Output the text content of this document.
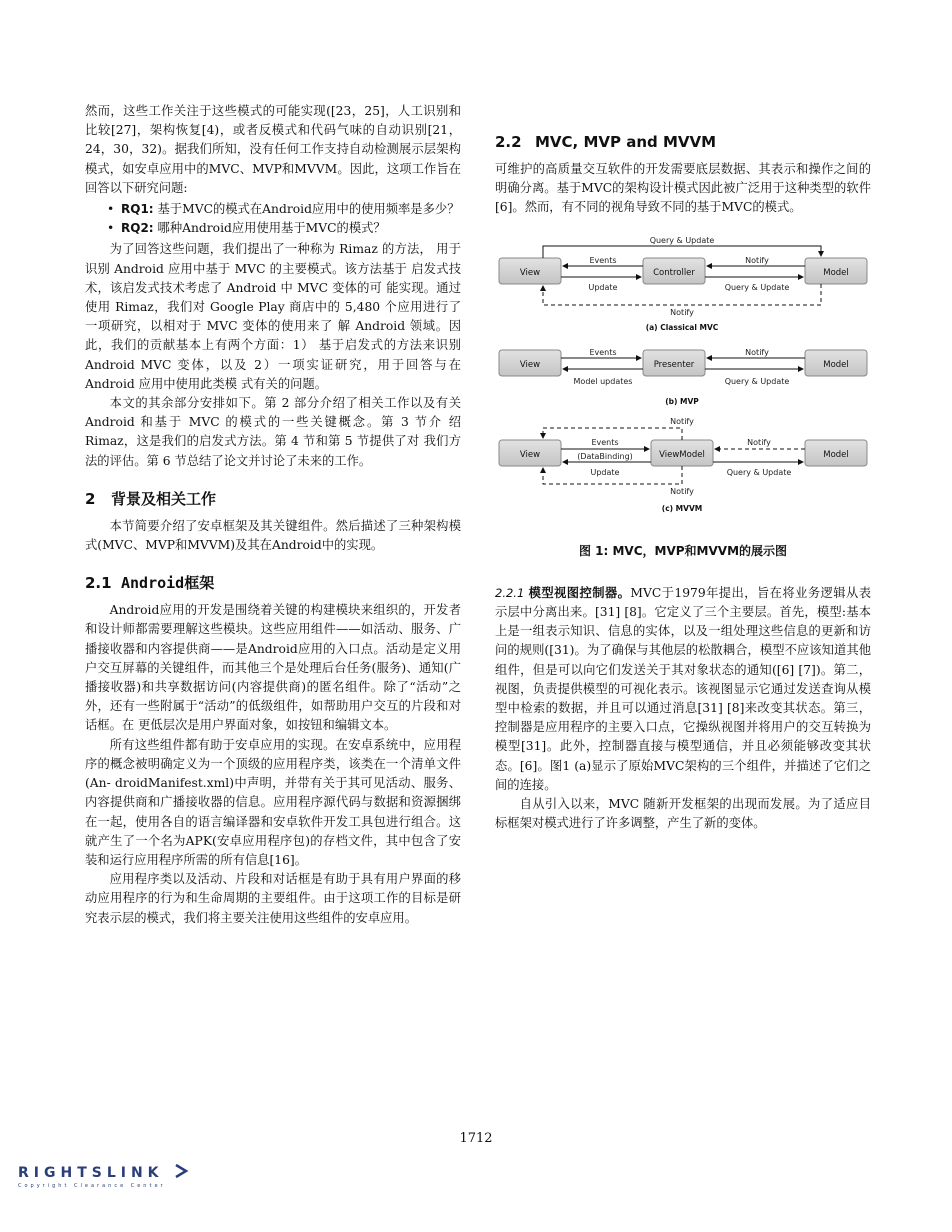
然而，这些工作关注于这些模式的可能实现([23，25]，人工识别和比较[27]，架构恢复[4)，或者反模式和代码气味的自动识别[21，24，30，32)。据我们所知，没有任何工作支持自动检测展示层架构模式，如安卓应用中的MVC、MVP和MVVM。因此，这项工作旨在回答以下研究问题:

• RQ1: 基于MVC的模式在Android应用中的使用频率是多少？
• RQ2: 哪种Android应用使用基于MVC的模式？

为了回答这些问题，我们提出了一种称为 Rimaz 的方法， 用于识别 Android 应用中基于 MVC 的主要模式。该方法基于 启发式技术，该启发式技术考虑了 Android 中 MVC 变体的可 能实现。通过使用 Rimaz，我们对 Google Play 商店中的 5,480 个应用进行了一项研究，以相对于 MVC 变体的使用来了 解 Android 领域。因此，我们的贡献基本上有两个方面：1） 基于启发式的方法来识别 Android MVC 变体，以及 2）一项实证研究，用于回答与在 Android 应用中使用此类模 式有关的问题。

本文的其余部分安排如下。第 2 部分介绍了相关工作以及有关 Android 和基于 MVC 的模式的一些关键概念。第 3 节介 绍 Rimaz，这是我们的启发式方法。第 4 节和第 5 节提供了对 我们方法的评估。第 6 节总结了论文并讨论了未来的工作。

2 背景及相关工作

本节简要介绍了安卓框架及其关键组件。然后描述了三种架构模式(MVC、MVP和MVVM)及其在Android中的实现。

2.1 Android框架

Android应用的开发是围绕着关键的构建模块来组织的，开发者和设计师都需要理解这些模块。这些应用组件——如活动、服务、广播接收器和内容提供商——是Android应用的入口点。活动是定义用户交互屏幕的关键组件，而其他三个是处理后台任务(服务)、通知(广播接收器)和共享数据访问(内容提供商)的匿名组件。除了“活动”之外，还有一些附属于“活动”的低级组件，如帮助用户交互的片段和对话框。在 更低层次是用户界面对象，如按钮和编辑文本。

所有这些组件都有助于安卓应用的实现。在安卓系统中，应用程序的概念被明确定义为一个顶级的应用程序类，该类在一个清单文件(An- droidManifest.xml)中声明，并带有关于其可见活动、服务、内容提供商和广播接收器的信息。应用程序源代码与数据和资源捆绑在一起，使用各自的语言编译器和安卓软件开发工具包进行组合。这就产生了一个名为APK(安卓应用程序包)的存档文件，其中包含了安装和运行应用程序所需的所有信息[16]。

应用程序类以及活动、片段和对话框是有助于具有用户界面的移动应用程序的行为和生命周期的主要组件。由于这项工作的目标是研究表示层的模式，我们将主要关注使用这些组件的安卓应用。

2.2 MVC, MVP and MVVM

可维护的高质量交互软件的开发需要底层数据、其表示和操作之间的明确分离。基于MVC的架构设计模式因此被广泛用于这种类型的软件[6]。然而，有不同的视角导致不同的基于MVC的模式。

View	Controller	Model
Query & Update
Events	Notify
Update	Query & Update
Notify
(a) Classical MVC
View	Presenter	Model
Events	Notify
Model updates	Query & Update
(b) MVP
View	ViewModel	Model
Notify
Events
(DataBinding)
Update
Notify
Query & Update
Notify
(c) MVVM
图 1: MVC，MVP和MVVM的展示图

2.2.1 模型视图控制器。MVC于1979年提出，旨在将业务逻辑从表示层中分离出来。[31] [8]。它定义了三个主要层。首先，模型:基本上是一组表示知识、信息的实体，以及一组处理这些信息的更新和访问的规则([31)。为了确保与其他层的松散耦合，模型不应该知道其他组件，但是可以向它们发送关于其对象状态的通知([6] [7])。第二，视图，负责提供模型的可视化表示。该视图显示它通过发送查询从模型中检索的数据，并且可以通过消息[31] [8]来改变其状态。第三，控制器是应用程序的主要入口点，它操纵视图并将用户的交互转换为模型[31]。此外，控制器直接与模型通信，并且必须能够改变其状态。[6]。图1 (a)显示了原始MVC架构的三个组件，并描述了它们之间的连接。

自从引入以来，MVC 随新开发框架的出现而发展。为了适应目标框架对模式进行了许多调整，产生了新的变体。

1712
RIGHTSLINK
Copyright Clearance Center
